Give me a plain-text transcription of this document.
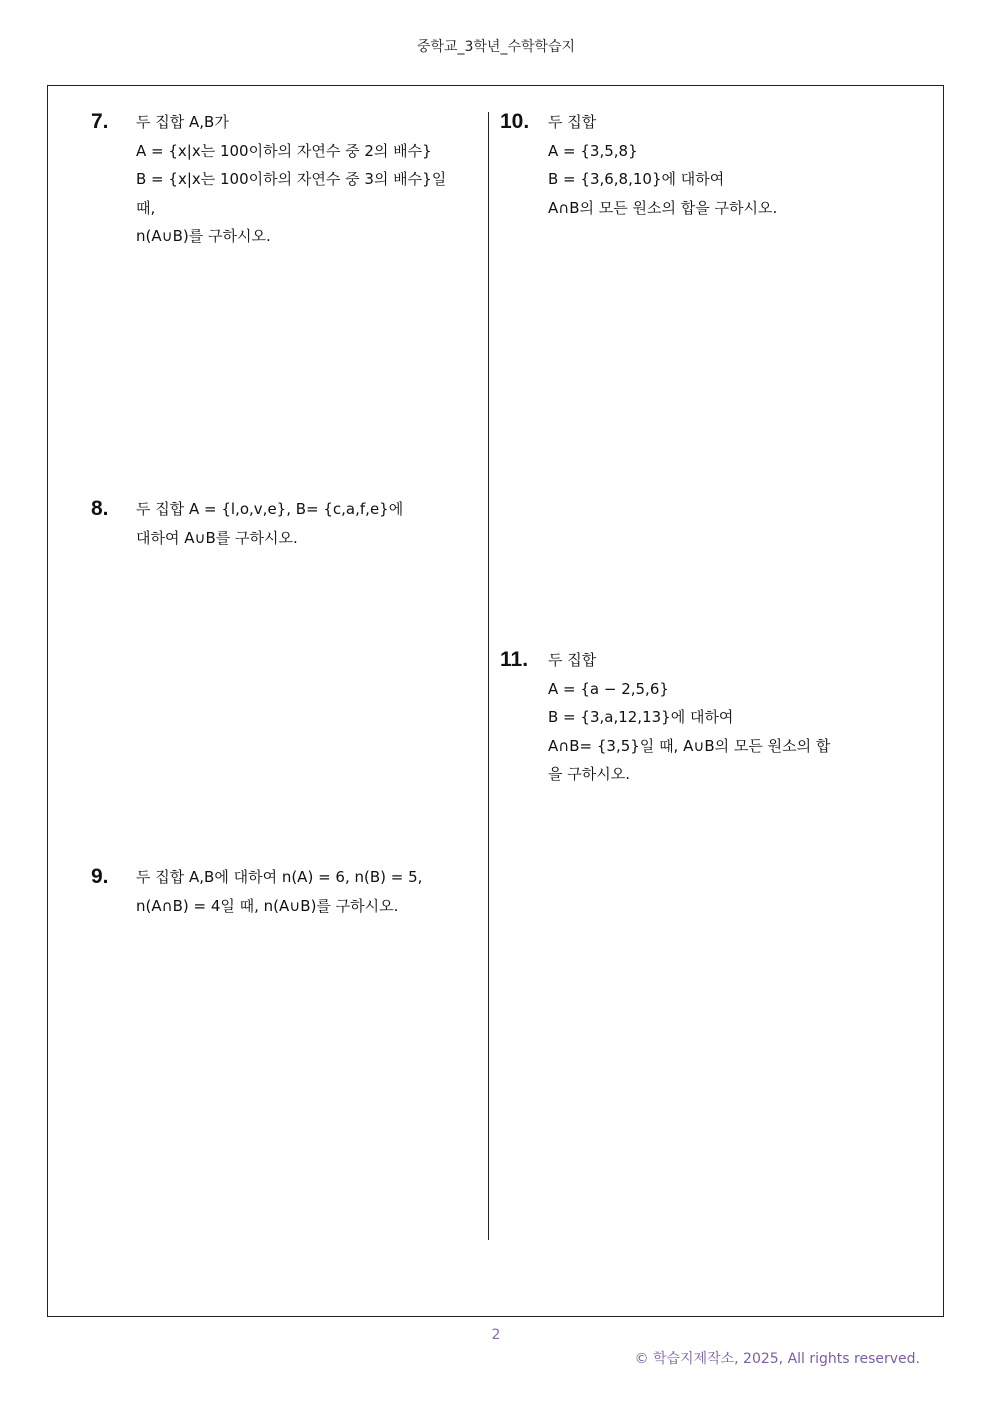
중학교_3학년_수학학습지
7. 두 집합 A,B가
A = {x|x는 100이하의 자연수 중 2의 배수}
B = {x|x는 100이하의 자연수 중 3의 배수}일
때,
n(A∪B)를 구하시오.
8. 두 집합 A = {l,o,v,e}, B= {c,a,f,e}에
대하여 A∪B를 구하시오.
9. 두 집합 A,B에 대하여 n(A) = 6, n(B) = 5,
n(A∩B) = 4일 때, n(A∪B)를 구하시오.
10. 두 집합
A = {3,5,8}
B = {3,6,8,10}에 대하여
A∩B의 모든 원소의 합을 구하시오.
11. 두 집합
A = {a − 2,5,6}
B = {3,a,12,13}에 대하여
A∩B= {3,5}일 때, A∪B의 모든 원소의 합
을 구하시오.
2
© 학습지제작소, 2025, All rights reserved.
